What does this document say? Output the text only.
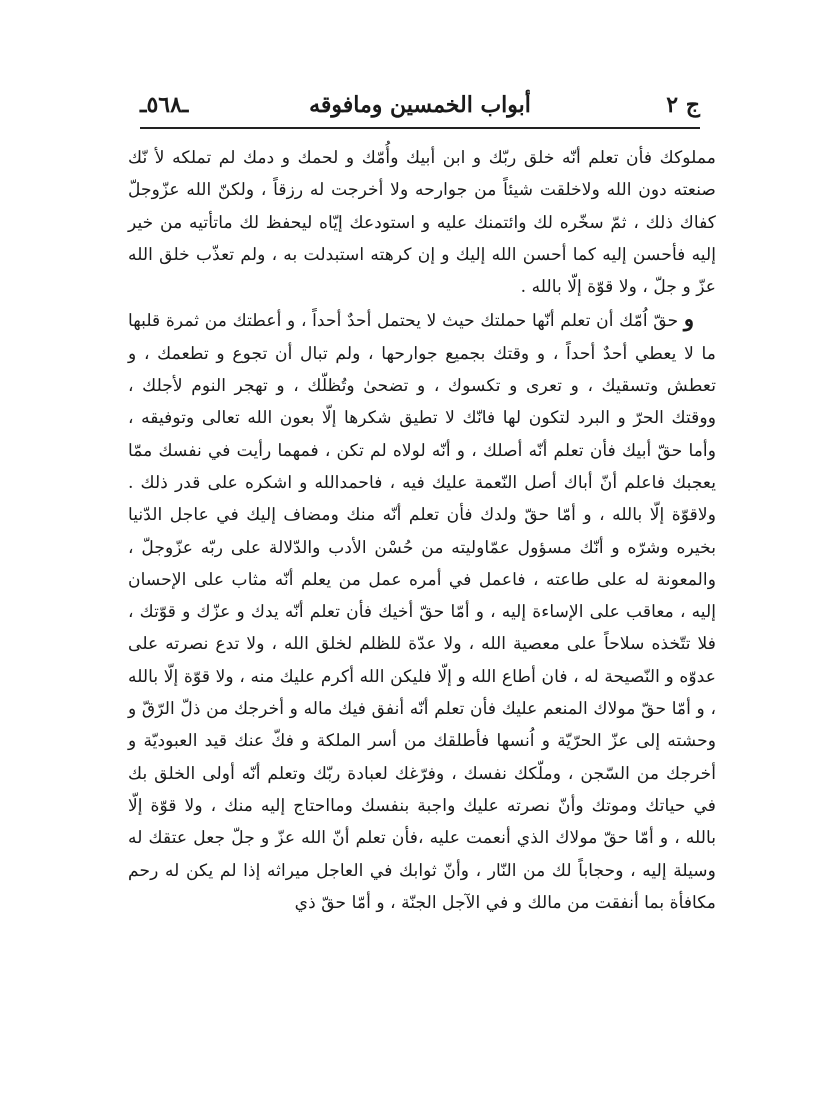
ـ٥٦٨ـ	أبواب الخمسين ومافوقه	ج ٢

مملوكك فأن تعلم أنّه خلق ربّك و ابن أبيك وأُمّك و لحمك و دمك لم تملكه لأ نّك صنعته دون الله ولاخلقت شيئاً من جوارحه ولا أخرجت له رزقاً ، ولكنّ الله عزّوجلّ كفاك ذلك ، ثمّ سخّره لك وائتمنك عليه و استودعك إيّاه ليحفظ لك ماتأتيه من خير إليه فأحسن إليه كما أحسن الله إليك و إن كرهته استبدلت به ، ولم تعذّب خلق الله عزّ و جلّ ، ولا قوّة إلّا بالله .

و حقّ اُمّك أن تعلم أنّها حملتك حيث لا يحتمل أحدٌ أحداً ، و أعطتك من ثمرة قلبها ما لا يعطي أحدٌ أحداً ، و وقتك بجميع جوارحها ، ولم تبال أن تجوع و تطعمك ، و تعطش وتسقيك ، و تعرى و تكسوك ، و تضحىٰ وتُظلّك ، و تهجر النوم لأجلك ، ووقتك الحرّ و البرد لتكون لها فانّك لا تطيق شكرها إلّا بعون الله تعالى وتوفيقه ، وأما حقّ أبيك فأن تعلم أنّه أصلك ، و أنّه لولاه لم تكن ، فمهما رأيت في نفسك ممّا يعجبك فاعلم أنّ أباك أصل النّعمة عليك فيه ، فاحمدالله و اشكره على قدر ذلك . ولاقوّة إلّا بالله ، و أمّا حقّ ولدك فأن تعلم أنّه منك ومضاف إليك في عاجل الدّنيا بخيره وشرّه و أنّك مسؤول عمّاوليته من حُسْن الأدب والدّلالة على ربّه عزّوجلّ ، والمعونة له على طاعته ، فاعمل في أمره عمل من يعلم أنّه مثاب على الإحسان إليه ، معاقب على الإساءة إليه ، و أمّا حقّ أخيك فأن تعلم أنّه يدك و عزّك و قوّتك ، فلا تتّخذه سلاحاً على معصية الله ، ولا عدّة للظلم لخلق الله ، ولا تدع نصرته على عدوّه و النّصيحة له ، فان أطاع الله و إلّا فليكن الله أكرم عليك منه ، ولا قوّة إلّا بالله ، و أمّا حقّ مولاك المنعم عليك فأن تعلم أنّه أنفق فيك ماله و أخرجك من ذلّ الرّقّ و وحشته إلى عزّ الحرّيّة و اُنسها فأطلقك من أسر الملكة و فكّ عنك قيد العبوديّة و أخرجك من السّجن ، وملّكك نفسك ، وفرّغك لعبادة ربّك وتعلم أنّه أولى الخلق بك في حياتك وموتك وأنّ نصرته عليك واجبة بنفسك ومااحتاج إليه منك ، ولا قوّة إلّا بالله ، و أمّا حقّ مولاك الذي أنعمت عليه ،فأن تعلم أنّ الله عزّ و جلّ جعل عتقك له وسيلة إليه ، وحجاباً لك من النّار ، وأنّ ثوابك في العاجل ميراثه إذا لم يكن له رحم مكافأة بما أنفقت من مالك و في الآجل الجنّة ، و أمّا حقّ ذي
